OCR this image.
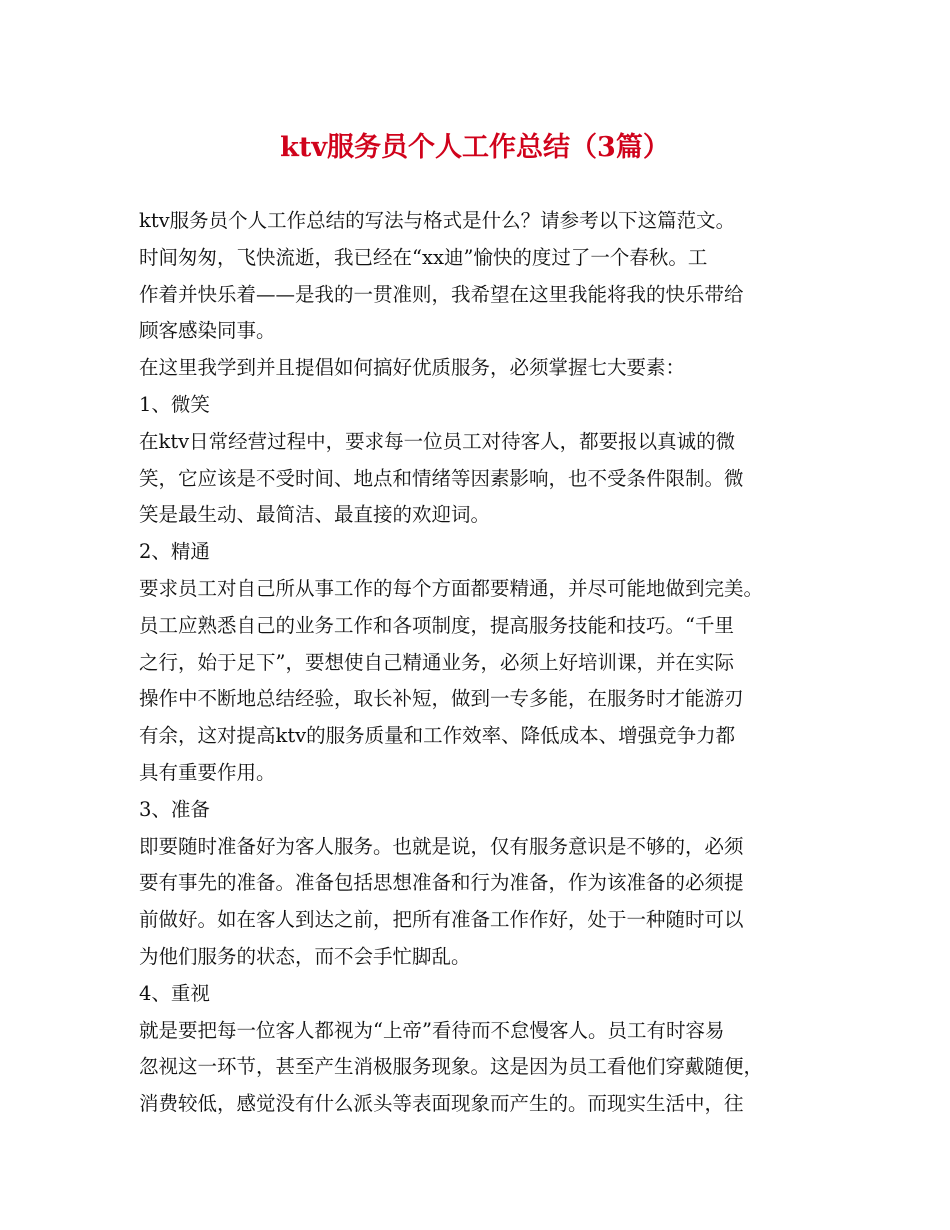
ktv服务员个人工作总结（3篇）
ktv服务员个人工作总结的写法与格式是什么？请参考以下这篇范文。
时间匆匆，飞快流逝，我已经在“xx迪”愉快的度过了一个春秋。工
作着并快乐着——是我的一贯准则，我希望在这里我能将我的快乐带给
顾客感染同事。
在这里我学到并且提倡如何搞好优质服务，必须掌握七大要素：
1、微笑
在ktv日常经营过程中，要求每一位员工对待客人，都要报以真诚的微
笑，它应该是不受时间、地点和情绪等因素影响，也不受条件限制。微
笑是最生动、最简洁、最直接的欢迎词。
2、精通
要求员工对自己所从事工作的每个方面都要精通，并尽可能地做到完美。
员工应熟悉自己的业务工作和各项制度，提高服务技能和技巧。“千里
之行，始于足下”，要想使自己精通业务，必须上好培训课，并在实际
操作中不断地总结经验，取长补短，做到一专多能，在服务时才能游刃
有余，这对提高ktv的服务质量和工作效率、降低成本、增强竞争力都
具有重要作用。
3、准备
即要随时准备好为客人服务。也就是说，仅有服务意识是不够的，必须
要有事先的准备。准备包括思想准备和行为准备，作为该准备的必须提
前做好。如在客人到达之前，把所有准备工作作好，处于一种随时可以
为他们服务的状态，而不会手忙脚乱。
4、重视
就是要把每一位客人都视为“上帝”看待而不怠慢客人。员工有时容易
忽视这一环节，甚至产生消极服务现象。这是因为员工看他们穿戴随便，
消费较低，感觉没有什么派头等表面现象而产生的。而现实生活中，往
